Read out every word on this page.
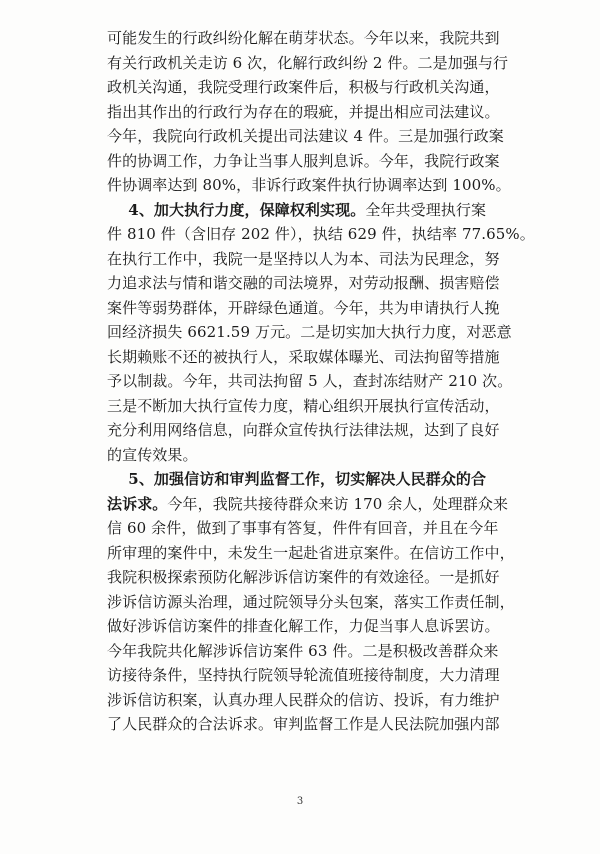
可能发生的行政纠纷化解在萌芽状态。今年以来，我院共到
有关行政机关走访 6 次，化解行政纠纷 2 件。二是加强与行
政机关沟通，我院受理行政案件后，积极与行政机关沟通，
指出其作出的行政行为存在的瑕疵，并提出相应司法建议。
今年，我院向行政机关提出司法建议 4 件。三是加强行政案
件的协调工作，力争让当事人服判息诉。今年，我院行政案
件协调率达到 80%，非诉行政案件执行协调率达到 100%。
4、加大执行力度，保障权利实现。全年共受理执行案
件 810 件（含旧存 202 件），执结 629 件，执结率 77.65%。
在执行工作中，我院一是坚持以人为本、司法为民理念，努
力追求法与情和谐交融的司法境界，对劳动报酬、损害赔偿
案件等弱势群体，开辟绿色通道。今年，共为申请执行人挽
回经济损失 6621.59 万元。二是切实加大执行力度，对恶意
长期赖账不还的被执行人，采取媒体曝光、司法拘留等措施
予以制裁。今年，共司法拘留 5 人，查封冻结财产 210 次。
三是不断加大执行宣传力度，精心组织开展执行宣传活动，
充分利用网络信息，向群众宣传执行法律法规，达到了良好
的宣传效果。
5、加强信访和审判监督工作，切实解决人民群众的合
法诉求。今年，我院共接待群众来访 170 余人，处理群众来
信 60 余件，做到了事事有答复，件件有回音，并且在今年
所审理的案件中，未发生一起赴省进京案件。在信访工作中，
我院积极探索预防化解涉诉信访案件的有效途径。一是抓好
涉诉信访源头治理，通过院领导分头包案，落实工作责任制，
做好涉诉信访案件的排查化解工作，力促当事人息诉罢访。
今年我院共化解涉诉信访案件 63 件。二是积极改善群众来
访接待条件，坚持执行院领导轮流值班接待制度，大力清理
涉诉信访积案，认真办理人民群众的信访、投诉，有力维护
了人民群众的合法诉求。审判监督工作是人民法院加强内部
3
